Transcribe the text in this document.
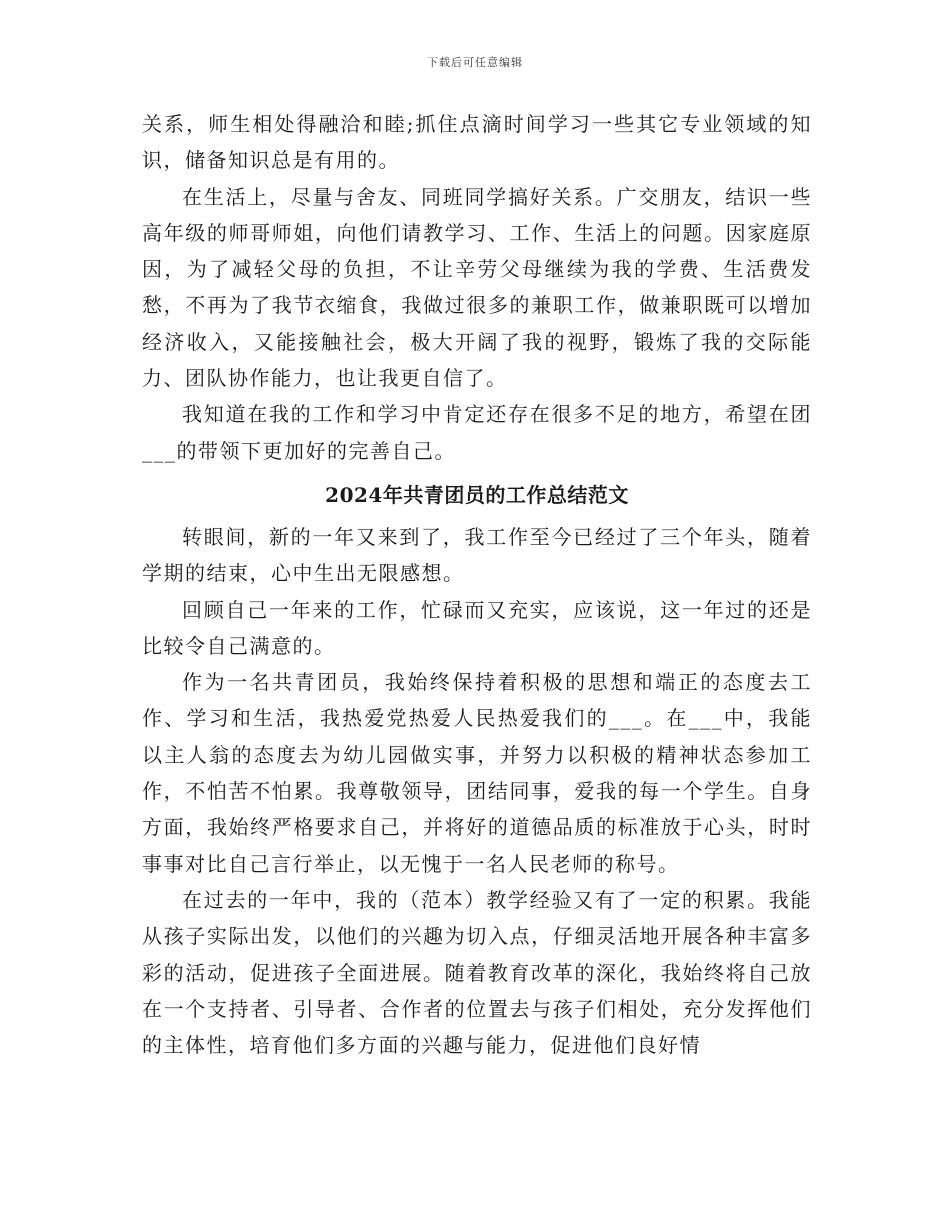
下载后可任意编辑

关系，师生相处得融洽和睦;抓住点滴时间学习一些其它专业领域的知识，储备知识总是有用的。

在生活上，尽量与舍友、同班同学搞好关系。广交朋友，结识一些高年级的师哥师姐，向他们请教学习、工作、生活上的问题。因家庭原因，为了减轻父母的负担，不让辛劳父母继续为我的学费、生活费发愁，不再为了我节衣缩食，我做过很多的兼职工作，做兼职既可以增加经济收入，又能接触社会，极大开阔了我的视野，锻炼了我的交际能力、团队协作能力，也让我更自信了。

我知道在我的工作和学习中肯定还存在很多不足的地方，希望在团___的带领下更加好的完善自己。

2024年共青团员的工作总结范文

转眼间，新的一年又来到了，我工作至今已经过了三个年头，随着学期的结束，心中生出无限感想。

回顾自己一年来的工作，忙碌而又充实，应该说，这一年过的还是比较令自己满意的。

作为一名共青团员，我始终保持着积极的思想和端正的态度去工作、学习和生活，我热爱党热爱人民热爱我们的___。在___中，我能以主人翁的态度去为幼儿园做实事，并努力以积极的精神状态参加工作，不怕苦不怕累。我尊敬领导，团结同事，爱我的每一个学生。自身方面，我始终严格要求自己，并将好的道德品质的标准放于心头，时时事事对比自己言行举止，以无愧于一名人民老师的称号。

在过去的一年中，我的（范本）教学经验又有了一定的积累。我能从孩子实际出发，以他们的兴趣为切入点，仔细灵活地开展各种丰富多彩的活动，促进孩子全面进展。随着教育改革的深化，我始终将自己放在一个支持者、引导者、合作者的位置去与孩子们相处，充分发挥他们的主体性，培育他们多方面的兴趣与能力，促进他们良好情
